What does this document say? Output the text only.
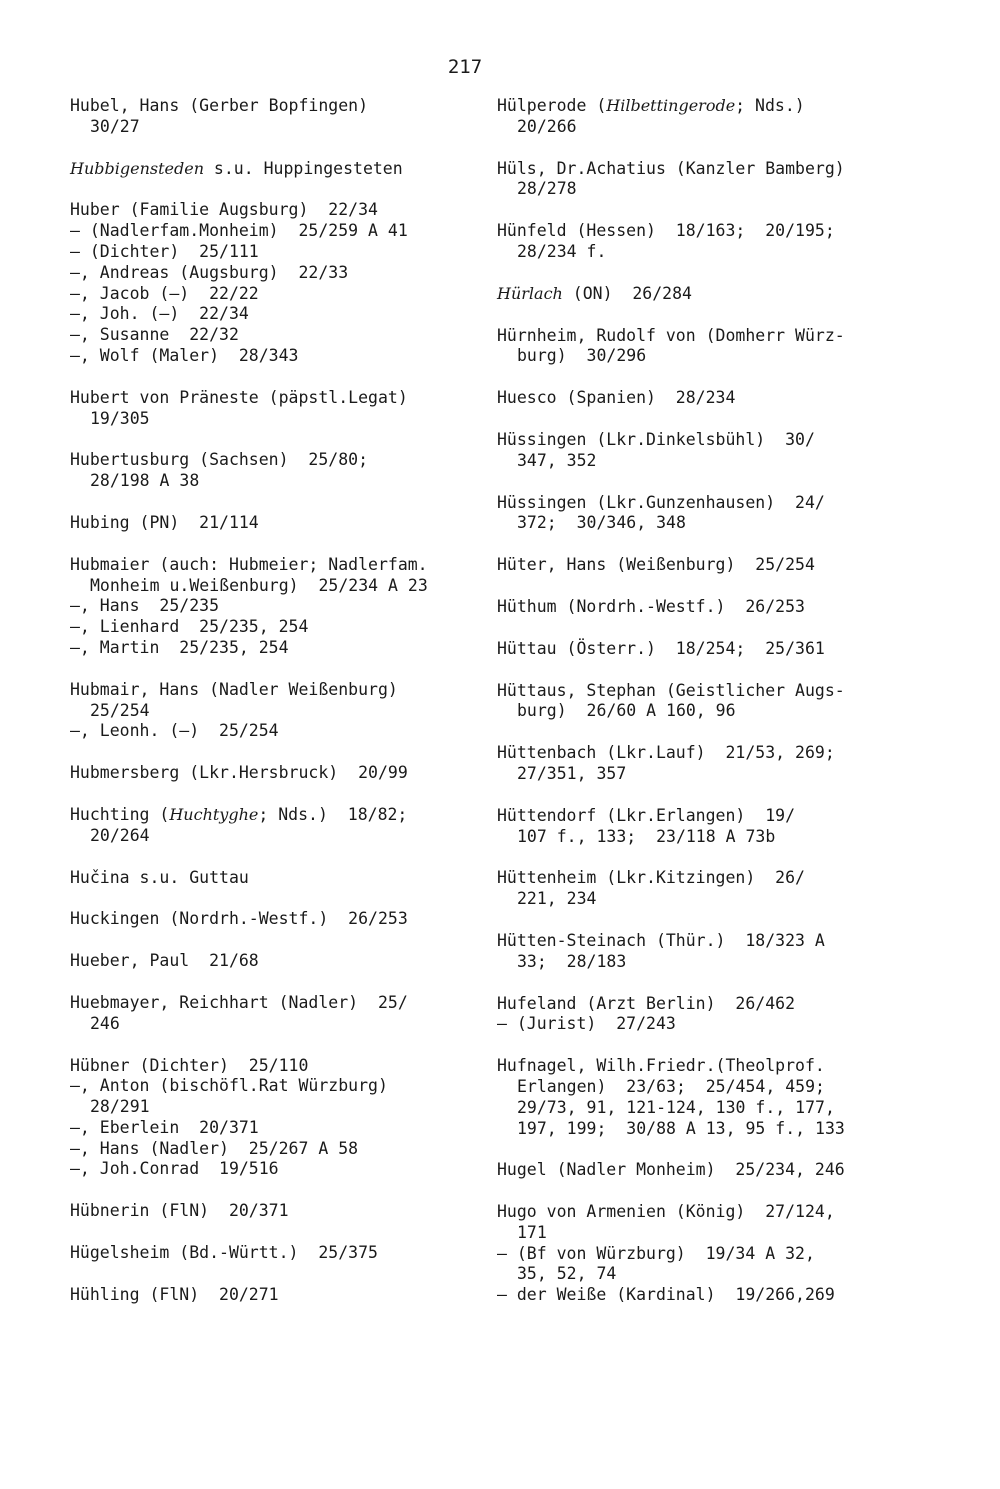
217
Hubel, Hans (Gerber Bopfingen)
30/27
Hubbigensteden s.u. Huppingesteten
Huber (Familie Augsburg)  22/34
— (Nadlerfam.Monheim)  25/259 A 41
— (Dichter)  25/111
—, Andreas (Augsburg)  22/33
—, Jacob (—)  22/22
—, Joh. (—)  22/34
—, Susanne  22/32
—, Wolf (Maler)  28/343
Hubert von Präneste (päpstl.Legat)
19/305
Hubertusburg (Sachsen)  25/80;
28/198 A 38
Hubing (PN)  21/114
Hubmaier (auch: Hubmeier; Nadlerfam.
Monheim u.Weißenburg)  25/234 A 23
—, Hans  25/235
—, Lienhard  25/235, 254
—, Martin  25/235, 254
Hubmair, Hans (Nadler Weißenburg)
25/254
—, Leonh. (—)  25/254
Hubmersberg (Lkr.Hersbruck)  20/99
Huchting (Huchtyghe; Nds.)  18/82;
20/264
Hučina s.u. Guttau
Huckingen (Nordrh.-Westf.)  26/253
Hueber, Paul  21/68
Huebmayer, Reichhart (Nadler)  25/
246
Hübner (Dichter)  25/110
—, Anton (bischöfl.Rat Würzburg)
28/291
—, Eberlein  20/371
—, Hans (Nadler)  25/267 A 58
—, Joh.Conrad  19/516
Hübnerin (FlN)  20/371
Hügelsheim (Bd.-Württ.)  25/375
Hühling (FlN)  20/271
Hülperode (Hilbettingerode; Nds.)
20/266
Hüls, Dr.Achatius (Kanzler Bamberg)
28/278
Hünfeld (Hessen)  18/163;  20/195;
28/234 f.
Hürlach (ON)  26/284
Hürnheim, Rudolf von (Domherr Würz-
burg)  30/296
Huesco (Spanien)  28/234
Hüssingen (Lkr.Dinkelsbühl)  30/
347, 352
Hüssingen (Lkr.Gunzenhausen)  24/
372;  30/346, 348
Hüter, Hans (Weißenburg)  25/254
Hüthum (Nordrh.-Westf.)  26/253
Hüttau (Österr.)  18/254;  25/361
Hüttaus, Stephan (Geistlicher Augs-
burg)  26/60 A 160, 96
Hüttenbach (Lkr.Lauf)  21/53, 269;
27/351, 357
Hüttendorf (Lkr.Erlangen)  19/
107 f., 133;  23/118 A 73b
Hüttenheim (Lkr.Kitzingen)  26/
221, 234
Hütten-Steinach (Thür.)  18/323 A
33;  28/183
Hufeland (Arzt Berlin)  26/462
— (Jurist)  27/243
Hufnagel, Wilh.Friedr.(Theolprof.
Erlangen)  23/63;  25/454, 459;
29/73, 91, 121-124, 130 f., 177,
197, 199;  30/88 A 13, 95 f., 133
Hugel (Nadler Monheim)  25/234, 246
Hugo von Armenien (König)  27/124,
171
— (Bf von Würzburg)  19/34 A 32,
35, 52, 74
— der Weiße (Kardinal)  19/266,269
